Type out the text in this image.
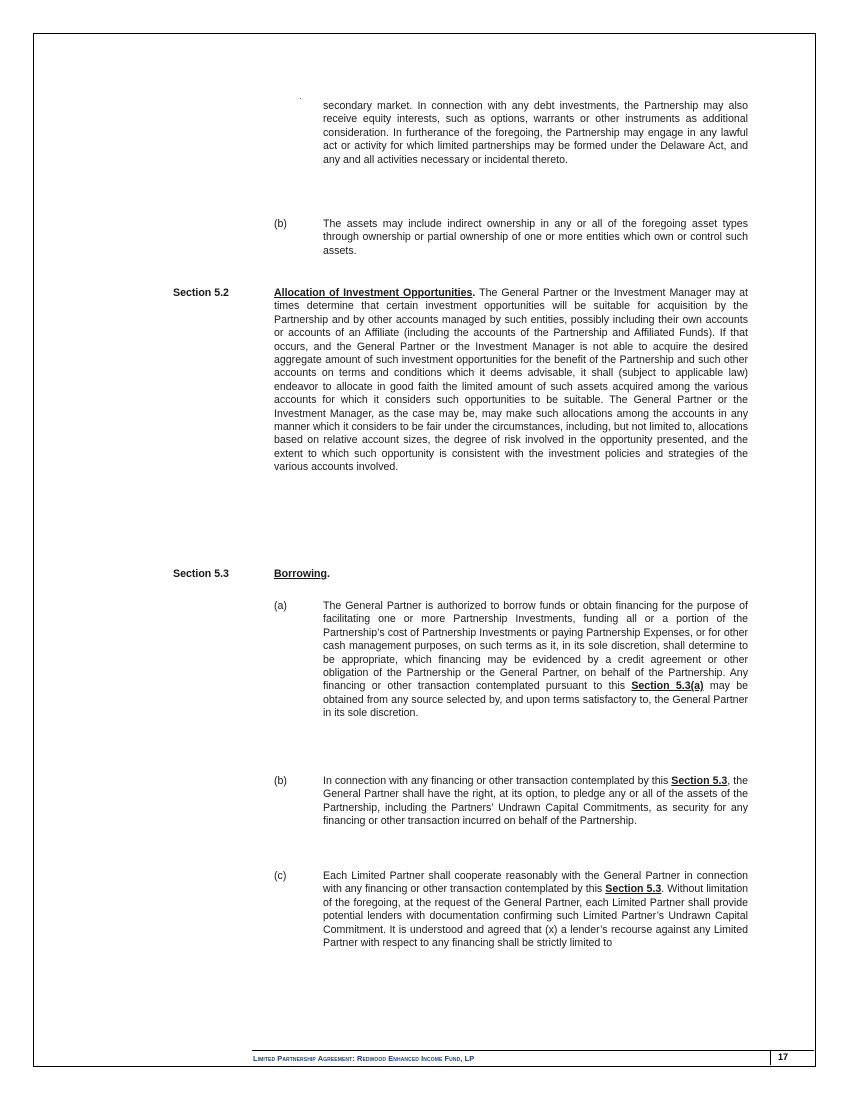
secondary market. In connection with any debt investments, the Partnership may also receive equity interests, such as options, warrants or other instruments as additional consideration. In furtherance of the foregoing, the Partnership may engage in any lawful act or activity for which limited partnerships may be formed under the Delaware Act, and any and all activities necessary or incidental thereto.

(b)	The assets may include indirect ownership in any or all of the foregoing asset types through ownership or partial ownership of one or more entities which own or control such assets.

Section 5.2	Allocation of Investment Opportunities. The General Partner or the Investment Manager may at times determine that certain investment opportunities will be suitable for acquisition by the Partnership and by other accounts managed by such entities, possibly including their own accounts or accounts of an Affiliate (including the accounts of the Partnership and Affiliated Funds). If that occurs, and the General Partner or the Investment Manager is not able to acquire the desired aggregate amount of such investment opportunities for the benefit of the Partnership and such other accounts on terms and conditions which it deems advisable, it shall (subject to applicable law) endeavor to allocate in good faith the limited amount of such assets acquired among the various accounts for which it considers such opportunities to be suitable. The General Partner or the Investment Manager, as the case may be, may make such allocations among the accounts in any manner which it considers to be fair under the circumstances, including, but not limited to, allocations based on relative account sizes, the degree of risk involved in the opportunity presented, and the extent to which such opportunity is consistent with the investment policies and strategies of the various accounts involved.

Section 5.3	Borrowing.
(a)	The General Partner is authorized to borrow funds or obtain financing for the purpose of facilitating one or more Partnership Investments, funding all or a portion of the Partnership’s cost of Partnership Investments or paying Partnership Expenses, or for other cash management purposes, on such terms as it, in its sole discretion, shall determine to be appropriate, which financing may be evidenced by a credit agreement or other obligation of the Partnership or the General Partner, on behalf of the Partnership. Any financing or other transaction contemplated pursuant to this Section 5.3(a) may be obtained from any source selected by, and upon terms satisfactory to, the General Partner in its sole discretion.

(b)	In connection with any financing or other transaction contemplated by this Section 5.3, the General Partner shall have the right, at its option, to pledge any or all of the assets of the Partnership, including the Partners’ Undrawn Capital Commitments, as security for any financing or other transaction incurred on behalf of the Partnership.

(c)	Each Limited Partner shall cooperate reasonably with the General Partner in connection with any financing or other transaction contemplated by this Section 5.3. Without limitation of the foregoing, at the request of the General Partner, each Limited Partner shall provide potential lenders with documentation confirming such Limited Partner’s Undrawn Capital Commitment. It is understood and agreed that (x) a lender’s recourse against any Limited Partner with respect to any financing shall be strictly limited to

Limited Partnership Agreement: Redwood Enhanced Income Fund, LP	17
